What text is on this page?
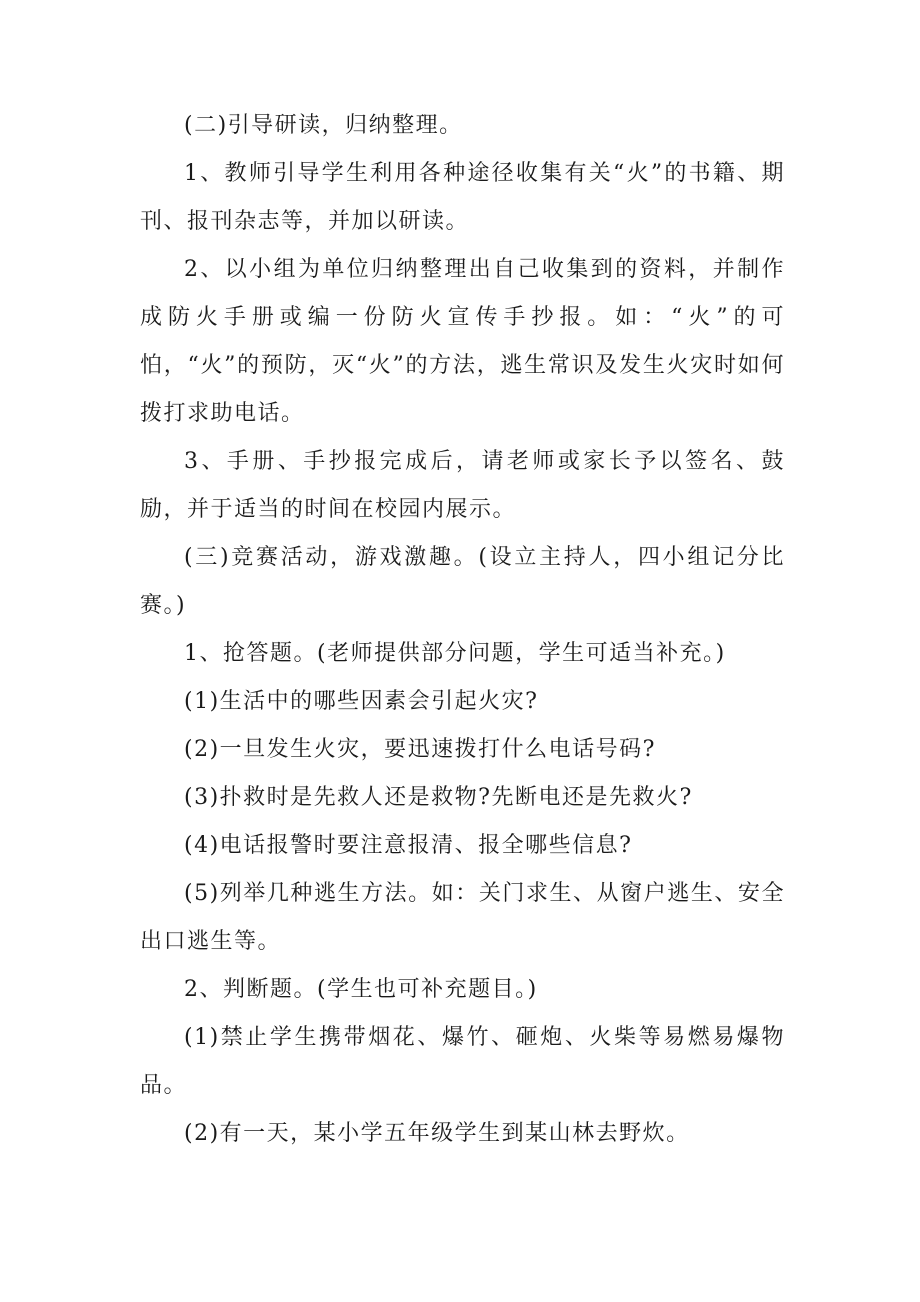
(二)引导研读，归纳整理。

1、教师引导学生利用各种途径收集有关“火”的书籍、期刊、报刊杂志等，并加以研读。

2、以小组为单位归纳整理出自己收集到的资料，并制作成防火手册或编一份防火宣传手抄报。如：“火”的可怕，“火”的预防，灭“火”的方法，逃生常识及发生火灾时如何拨打求助电话。

3、手册、手抄报完成后，请老师或家长予以签名、鼓励，并于适当的时间在校园内展示。

(三)竞赛活动，游戏激趣。(设立主持人，四小组记分比赛。)

1、抢答题。(老师提供部分问题，学生可适当补充。)

(1)生活中的哪些因素会引起火灾?

(2)一旦发生火灾，要迅速拨打什么电话号码?

(3)扑救时是先救人还是救物?先断电还是先救火?

(4)电话报警时要注意报清、报全哪些信息?

(5)列举几种逃生方法。如：关门求生、从窗户逃生、安全出口逃生等。

2、判断题。(学生也可补充题目。)

(1)禁止学生携带烟花、爆竹、砸炮、火柴等易燃易爆物品。

(2)有一天，某小学五年级学生到某山林去野炊。
